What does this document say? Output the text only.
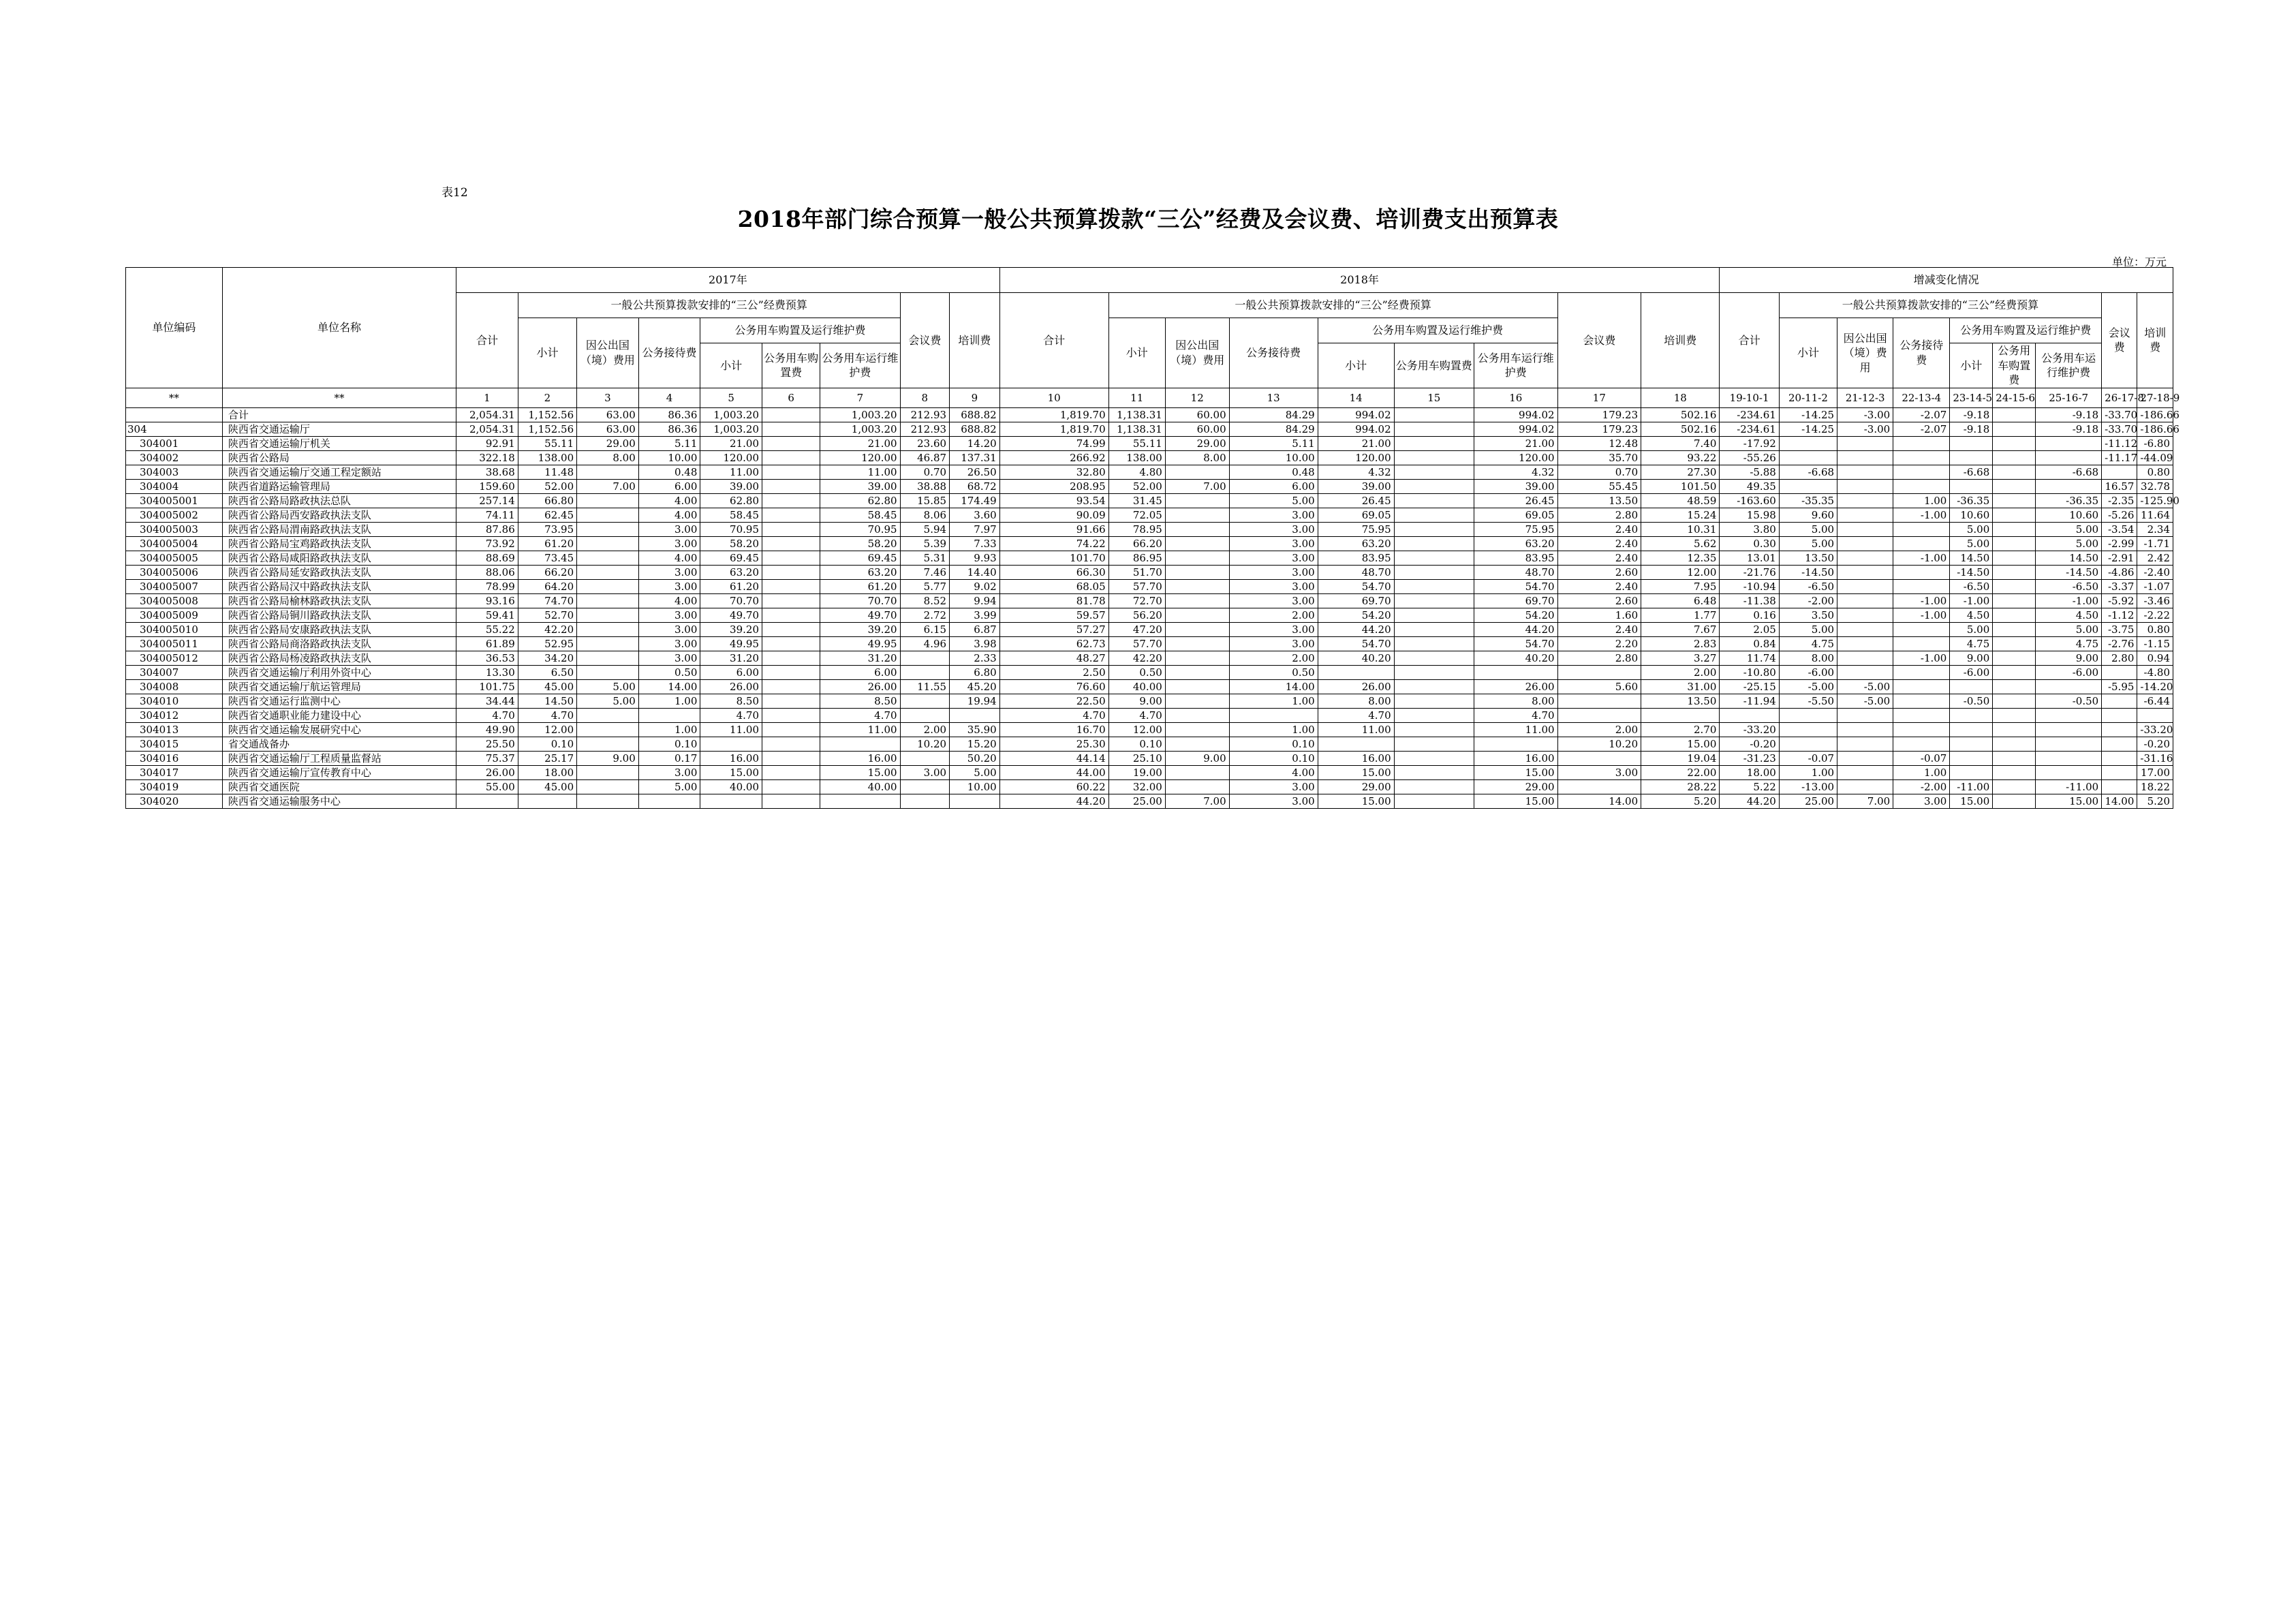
表12
2018年部门综合预算一般公共预算拨款“三公”经费及会议费、培训费支出预算表
单位：万元
单位编码	单位名称	2017年									2018年									增减变化情况								
		合计	一般公共预算拨款安排的“三公”经费预算						会议费	培训费	合计	一般公共预算拨款安排的“三公”经费预算						会议费	培训费	合计	一般公共预算拨款安排的“三公”经费预算						会议费	培训费
			小计	因公出国（境）费用	公务接待费	公务用车购置及运行维护费						小计	因公出国（境）费用	公务接待费	公务用车购置及运行维护费						小计	因公出国（境）费用	公务接待费	公务用车购置及运行维护费				
						小计	公务用车购置费	公务用车运行维护费							小计	公务用车购置费	公务用车运行维护费							小计	公务用车购置费	公务用车运行维护费		
**	**	1	2	3	4	5	6	7	8	9	10	11	12	13	14	15	16	17	18	19-10-1	20-11-2	21-12-3	22-13-4	23-14-5	24-15-6	25-16-7	26-17-8	27-18-9
	合计	2,054.31	1,152.56	63.00	86.36	1,003.20		1,003.20	212.93	688.82	1,819.70	1,138.31	60.00	84.29	994.02		994.02	179.23	502.16	-234.61	-14.25	-3.00	-2.07	-9.18		-9.18	-33.70	-186.66
304	陕西省交通运输厅	2,054.31	1,152.56	63.00	86.36	1,003.20		1,003.20	212.93	688.82	1,819.70	1,138.31	60.00	84.29	994.02		994.02	179.23	502.16	-234.61	-14.25	-3.00	-2.07	-9.18		-9.18	-33.70	-186.66
304001	陕西省交通运输厅机关	92.91	55.11	29.00	5.11	21.00		21.00	23.60	14.20	74.99	55.11	29.00	5.11	21.00		21.00	12.48	7.40	-17.92							-11.12	-6.80
304002	陕西省公路局	322.18	138.00	8.00	10.00	120.00		120.00	46.87	137.31	266.92	138.00	8.00	10.00	120.00		120.00	35.70	93.22	-55.26							-11.17	-44.09
304003	陕西省交通运输厅交通工程定额站	38.68	11.48		0.48	11.00		11.00	0.70	26.50	32.80	4.80		0.48	4.32		4.32	0.70	27.30	-5.88	-6.68			-6.68		-6.68		0.80
304004	陕西省道路运输管理局	159.60	52.00	7.00	6.00	39.00		39.00	38.88	68.72	208.95	52.00	7.00	6.00	39.00		39.00	55.45	101.50	49.35							16.57	32.78
304005001	陕西省公路局路政执法总队	257.14	66.80		4.00	62.80		62.80	15.85	174.49	93.54	31.45		5.00	26.45		26.45	13.50	48.59	-163.60	-35.35		1.00	-36.35		-36.35	-2.35	-125.90
304005002	陕西省公路局西安路政执法支队	74.11	62.45		4.00	58.45		58.45	8.06	3.60	90.09	72.05		3.00	69.05		69.05	2.80	15.24	15.98	9.60		-1.00	10.60		10.60	-5.26	11.64
304005003	陕西省公路局渭南路政执法支队	87.86	73.95		3.00	70.95		70.95	5.94	7.97	91.66	78.95		3.00	75.95		75.95	2.40	10.31	3.80	5.00			5.00		5.00	-3.54	2.34
304005004	陕西省公路局宝鸡路政执法支队	73.92	61.20		3.00	58.20		58.20	5.39	7.33	74.22	66.20		3.00	63.20		63.20	2.40	5.62	0.30	5.00			5.00		5.00	-2.99	-1.71
304005005	陕西省公路局咸阳路政执法支队	88.69	73.45		4.00	69.45		69.45	5.31	9.93	101.70	86.95		3.00	83.95		83.95	2.40	12.35	13.01	13.50		-1.00	14.50		14.50	-2.91	2.42
304005006	陕西省公路局延安路政执法支队	88.06	66.20		3.00	63.20		63.20	7.46	14.40	66.30	51.70		3.00	48.70		48.70	2.60	12.00	-21.76	-14.50			-14.50		-14.50	-4.86	-2.40
304005007	陕西省公路局汉中路政执法支队	78.99	64.20		3.00	61.20		61.20	5.77	9.02	68.05	57.70		3.00	54.70		54.70	2.40	7.95	-10.94	-6.50			-6.50		-6.50	-3.37	-1.07
304005008	陕西省公路局榆林路政执法支队	93.16	74.70		4.00	70.70		70.70	8.52	9.94	81.78	72.70		3.00	69.70		69.70	2.60	6.48	-11.38	-2.00		-1.00	-1.00		-1.00	-5.92	-3.46
304005009	陕西省公路局铜川路政执法支队	59.41	52.70		3.00	49.70		49.70	2.72	3.99	59.57	56.20		2.00	54.20		54.20	1.60	1.77	0.16	3.50		-1.00	4.50		4.50	-1.12	-2.22
304005010	陕西省公路局安康路政执法支队	55.22	42.20		3.00	39.20		39.20	6.15	6.87	57.27	47.20		3.00	44.20		44.20	2.40	7.67	2.05	5.00			5.00		5.00	-3.75	0.80
304005011	陕西省公路局商洛路政执法支队	61.89	52.95		3.00	49.95		49.95	4.96	3.98	62.73	57.70		3.00	54.70		54.70	2.20	2.83	0.84	4.75			4.75		4.75	-2.76	-1.15
304005012	陕西省公路局杨凌路政执法支队	36.53	34.20		3.00	31.20		31.20		2.33	48.27	42.20		2.00	40.20		40.20	2.80	3.27	11.74	8.00		-1.00	9.00		9.00	2.80	0.94
304007	陕西省交通运输厅利用外资中心	13.30	6.50		0.50	6.00		6.00		6.80	2.50	0.50		0.50					2.00	-10.80	-6.00			-6.00		-6.00		-4.80
304008	陕西省交通运输厅航运管理局	101.75	45.00	5.00	14.00	26.00		26.00	11.55	45.20	76.60	40.00		14.00	26.00		26.00	5.60	31.00	-25.15	-5.00	-5.00					-5.95	-14.20
304010	陕西省交通运行监测中心	34.44	14.50	5.00	1.00	8.50		8.50		19.94	22.50	9.00		1.00	8.00		8.00		13.50	-11.94	-5.50	-5.00		-0.50		-0.50		-6.44
304012	陕西省交通职业能力建设中心	4.70	4.70			4.70		4.70			4.70	4.70			4.70		4.70											
304013	陕西省交通运输发展研究中心	49.90	12.00		1.00	11.00		11.00	2.00	35.90	16.70	12.00		1.00	11.00		11.00	2.00	2.70	-33.20								-33.20
304015	省交通战备办	25.50	0.10		0.10				10.20	15.20	25.30	0.10		0.10				10.20	15.00	-0.20								-0.20
304016	陕西省交通运输厅工程质量监督站	75.37	25.17	9.00	0.17	16.00		16.00		50.20	44.14	25.10	9.00	0.10	16.00		16.00		19.04	-31.23	-0.07		-0.07					-31.16
304017	陕西省交通运输厅宣传教育中心	26.00	18.00		3.00	15.00		15.00	3.00	5.00	44.00	19.00		4.00	15.00		15.00	3.00	22.00	18.00	1.00		1.00					17.00
304019	陕西省交通医院	55.00	45.00		5.00	40.00		40.00		10.00	60.22	32.00		3.00	29.00		29.00		28.22	5.22	-13.00		-2.00	-11.00		-11.00		18.22
304020	陕西省交通运输服务中心										44.20	25.00	7.00	3.00	15.00		15.00	14.00	5.20	44.20	25.00	7.00	3.00	15.00		15.00	14.00	5.20
